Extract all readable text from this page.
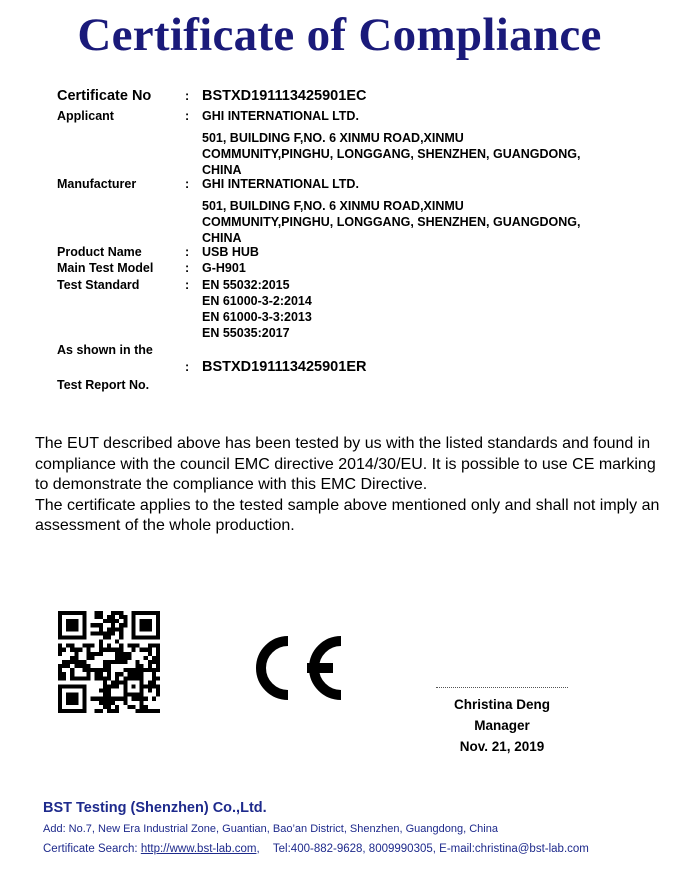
Certificate of Compliance
Certificate No	: BSTXD191113425901EC
Applicant	: GHI INTERNATIONAL LTD.
501, BUILDING F,NO. 6 XINMU ROAD,XINMU
COMMUNITY,PINGHU, LONGGANG, SHENZHEN, GUANGDONG,
CHINA
Manufacturer	: GHI INTERNATIONAL LTD.
501, BUILDING F,NO. 6 XINMU ROAD,XINMU
COMMUNITY,PINGHU, LONGGANG, SHENZHEN, GUANGDONG,
CHINA
Product Name	: USB HUB
Main Test Model	: G-H901
Test Standard	: EN 55032:2015
EN 61000-3-2:2014
EN 61000-3-3:2013
EN 55035:2017
As shown in the
: BSTXD191113425901ER
Test Report No.

The EUT described above has been tested by us with the listed standards and found in compliance with the council EMC directive 2014/30/EU. It is possible to use CE marking to demonstrate the compliance with this EMC Directive.

The certificate applies to the tested sample above mentioned only and shall not imply an assessment of the whole production.

Christina Deng
Manager
Nov. 21, 2019
BST Testing (Shenzhen) Co.,Ltd.
Add: No.7, New Era Industrial Zone, Guantian, Bao’an District, Shenzhen, Guangdong, China
Certificate Search: http://www.bst-lab.com, Tel:400-882-9628, 8009990305, E-mail:christina@bst-lab.com
